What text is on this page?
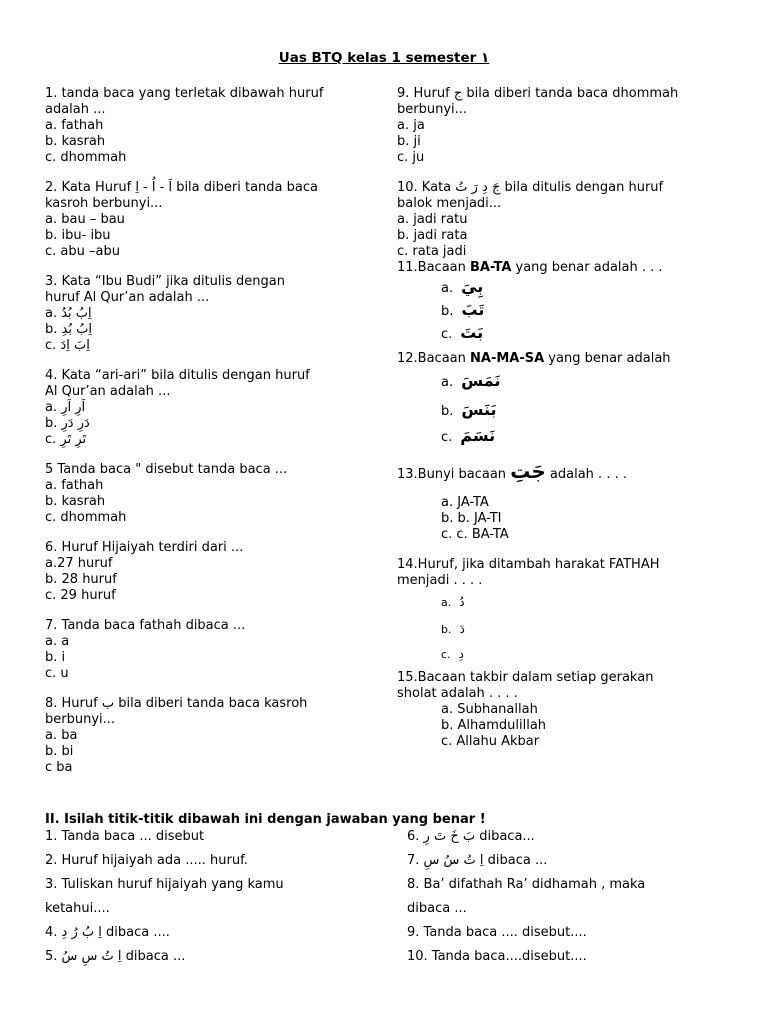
Uas BTQ kelas 1 semester ١
1. tanda baca yang terletak dibawah huruf
adalah ...
a. fathah
b. kasrah
c. dhommah
2. Kata Huruf اَ - اُ - اِ bila diberi tanda baca
kasroh berbunyi...
a. bau – bau
b. ibu- ibu
c. abu –abu
3. Kata “Ibu Budi” jika ditulis dengan
huruf Al Qur’an adalah ...
a. اِبُ بُدُ
b. اِبُ بُدِ
c. اِبَ اِدَ
4. Kata “ari-ari” bila ditulis dengan huruf
Al Qur’an adalah ...
a. اَرِ اَرِ
b. دَرِ دَرِ
c. تَرِ تَرِ
5 Tanda baca " disebut tanda baca ...
a. fathah
b. kasrah
c. dhommah
6. Huruf Hijaiyah terdiri dari ...
a.27 huruf
b. 28 huruf
c. 29 huruf
7. Tanda baca fathah dibaca ...
a. a
b. i
c. u
8. Huruf ب bila diberi tanda baca kasroh
berbunyi...
a. ba
b. bi
c ba
9. Huruf ج bila diberi tanda baca dhommah
berbunyi...
a. ja
b. ji
c. ju
10. Kata جَ دِ رَ تُ bila ditulis dengan huruf
balok menjadi...
a. jadi ratu
b. jadi rata
c. rata jadi
11.Bacaan BA-TA yang benar adalah . . .
a. بِيَ
b. تَبَ
c. بَتَ
12.Bacaan NA-MA-SA yang benar adalah
a. نَمَسَ
b. بَنَسَ
c. نَسَمَ
13.Bunyi bacaan جَتِ adalah . . . .
a. JA-TA
b. b. JA-TI
c. c. BA-TA
14.Huruf, jika ditambah harakat FATHAH
menjadi . . . .
a. دُ
b. دَ
c. دِ
15.Bacaan takbir dalam setiap gerakan
sholat adalah . . . .
a. Subhanallah
b. Alhamdulillah
c. Allahu Akbar
II. Isilah titik-titik dibawah ini dengan jawaban yang benar !
1. Tanda baca ... disebut	6. بَ خَ تَ رِ dibaca...
2. Huruf hijaiyah ada ..... huruf.	7. اِ تُ سُ سِ dibaca ...
3. Tuliskan huruf hijaiyah yang kamu	8. Ba’ difathah Ra’ didhamah , maka
ketahui....	dibaca ...
4. اِ بُ رُ دِ dibaca ....	9. Tanda baca .... disebut....
5. اِ تُ سِ سُ dibaca ...	10. Tanda baca....disebut....
